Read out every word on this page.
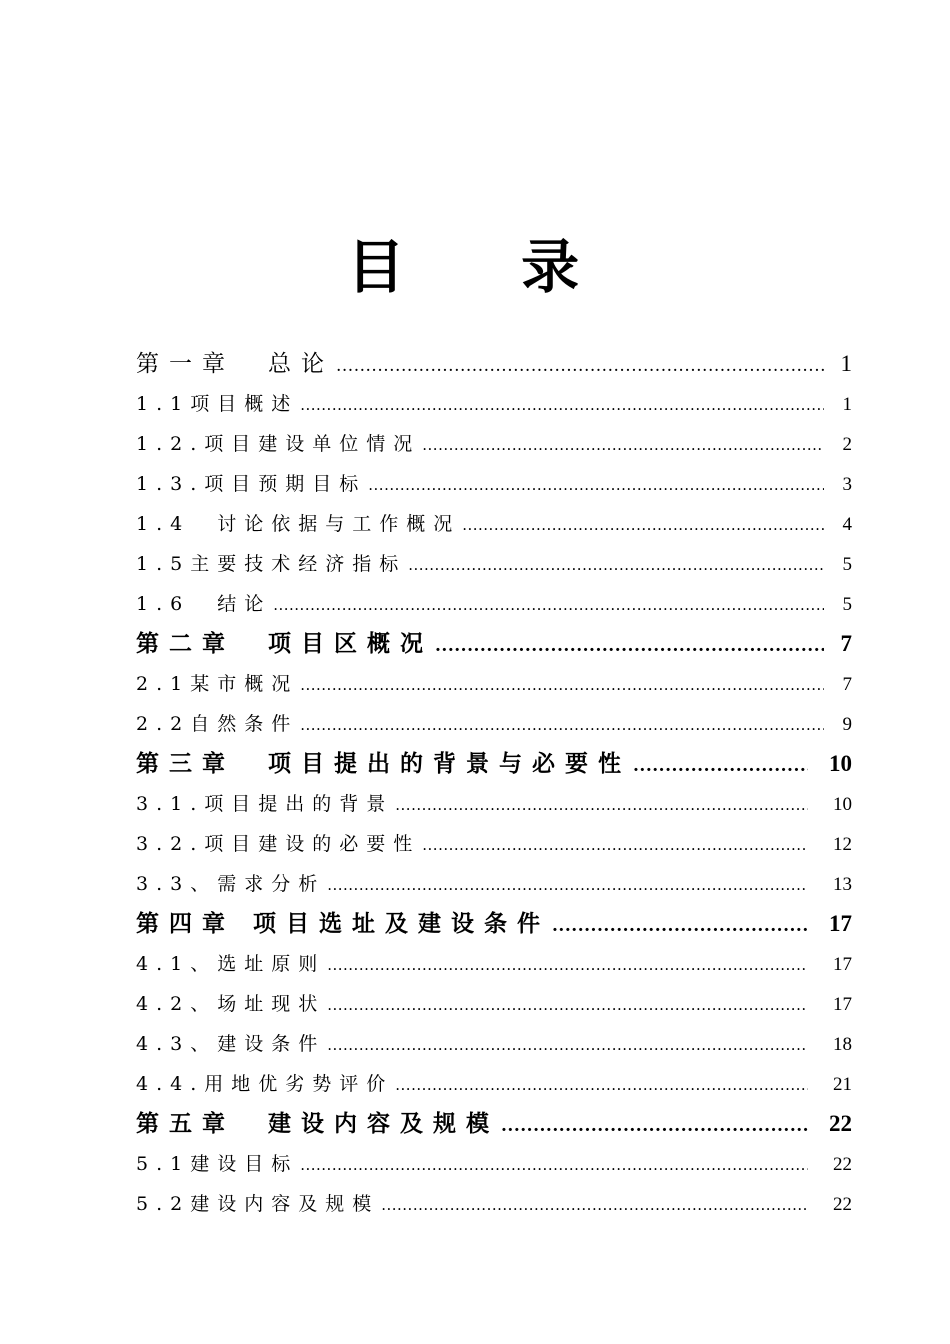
目 录
第一章　总论 .....	1
1.1项目概述 .....	1
1.2.项目建设单位情况 .....	2
1.3.项目预期目标 .....	3
1.4　讨论依据与工作概况 .....	4
1.5主要技术经济指标 .....	5
1.6　结论 .....	5
第二章　项目区概况 .....	7
2.1某市概况 .....	7
2.2自然条件 .....	9
第三章　项目提出的背景与必要性 .....	10
3.1.项目提出的背景 .....	10
3.2.项目建设的必要性 .....	12
3.3、需求分析 .....	13
第四章 项目选址及建设条件 .....	17
4.1、选址原则 .....	17
4.2、场址现状 .....	17
4.3、建设条件 .....	18
4.4.用地优劣势评价 .....	21
第五章　建设内容及规模 .....	22
5.1建设目标 .....	22
5.2建设内容及规模 .....	22
